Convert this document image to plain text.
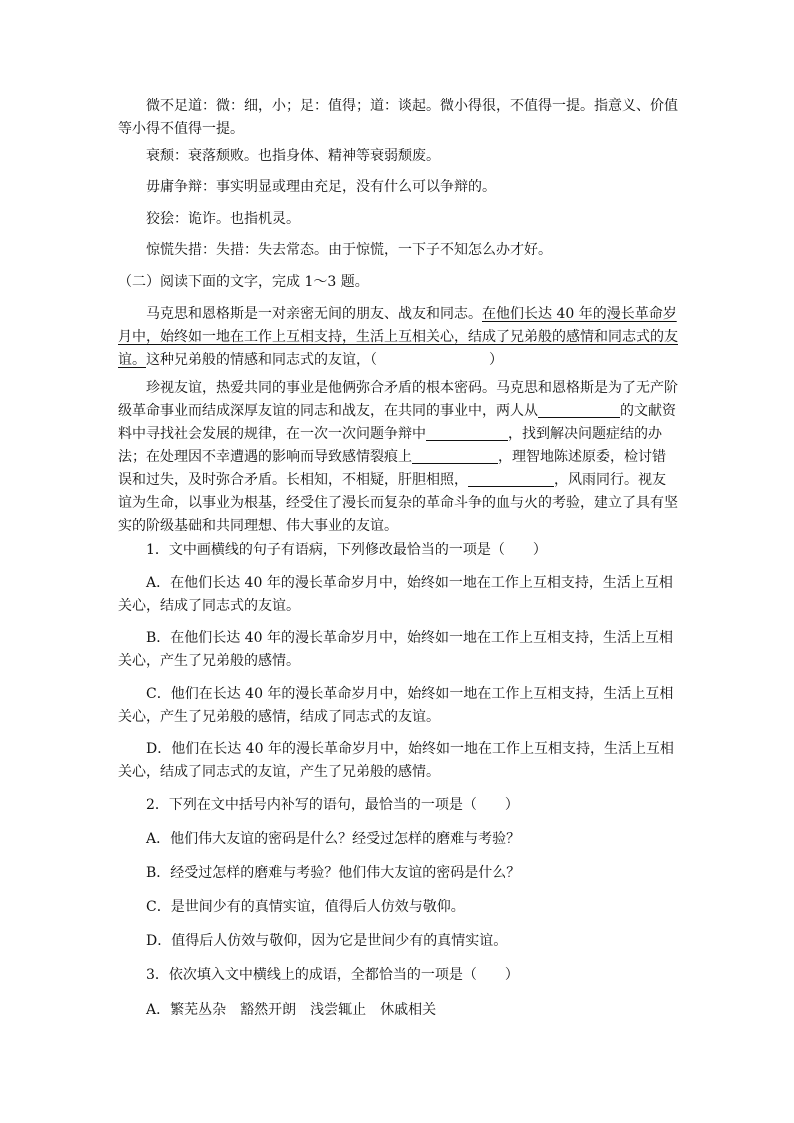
微不足道：微：细，小；足：值得；道：谈起。微小得很，不值得一提。指意义、价值等小得不值得一提。

衰颓：衰落颓败。也指身体、精神等衰弱颓废。

毋庸争辩：事实明显或理由充足，没有什么可以争辩的。

狡狯：诡诈。也指机灵。

惊慌失措：失措：失去常态。由于惊慌，一下子不知怎么办才好。

（二）阅读下面的文字，完成 1～3 题。

马克思和恩格斯是一对亲密无间的朋友、战友和同志。在他们长达 40 年的漫长革命岁月中，始终如一地在工作上互相支持，生活上互相关心，结成了兄弟般的感情和同志式的友谊。这种兄弟般的情感和同志式的友谊，（　　　　　　　　）

珍视友谊，热爱共同的事业是他俩弥合矛盾的根本密码。马克思和恩格斯是为了无产阶级革命事业而结成深厚友谊的同志和战友，在共同的事业中，两人从	的文献资料中寻找社会发展的规律，在一次一次问题争辩中	，找到解决问题症结的办法；在处理因不幸遭遇的影响而导致感情裂痕上	，理智地陈述原委，检讨错误和过失，及时弥合矛盾。长相知，不相疑，肝胆相照，	，风雨同行。视友谊为生命，以事业为根基，经受住了漫长而复杂的革命斗争的血与火的考验，建立了具有坚实的阶级基础和共同理想、伟大事业的友谊。

1．文中画横线的句子有语病，下列修改最恰当的一项是（　　）

A．在他们长达 40 年的漫长革命岁月中，始终如一地在工作上互相支持，生活上互相关心，结成了同志式的友谊。

B．在他们长达 40 年的漫长革命岁月中，始终如一地在工作上互相支持，生活上互相关心，产生了兄弟般的感情。

C．他们在长达 40 年的漫长革命岁月中，始终如一地在工作上互相支持，生活上互相关心，产生了兄弟般的感情，结成了同志式的友谊。

D．他们在长达 40 年的漫长革命岁月中，始终如一地在工作上互相支持，生活上互相关心，结成了同志式的友谊，产生了兄弟般的感情。

2．下列在文中括号内补写的语句，最恰当的一项是（　　）

A．他们伟大友谊的密码是什么？经受过怎样的磨难与考验？

B．经受过怎样的磨难与考验？他们伟大友谊的密码是什么？

C．是世间少有的真情实谊，值得后人仿效与敬仰。

D．值得后人仿效与敬仰，因为它是世间少有的真情实谊。

3．依次填入文中横线上的成语，全都恰当的一项是（　　）

A．繁芜丛杂　豁然开朗　浅尝辄止　休戚相关
